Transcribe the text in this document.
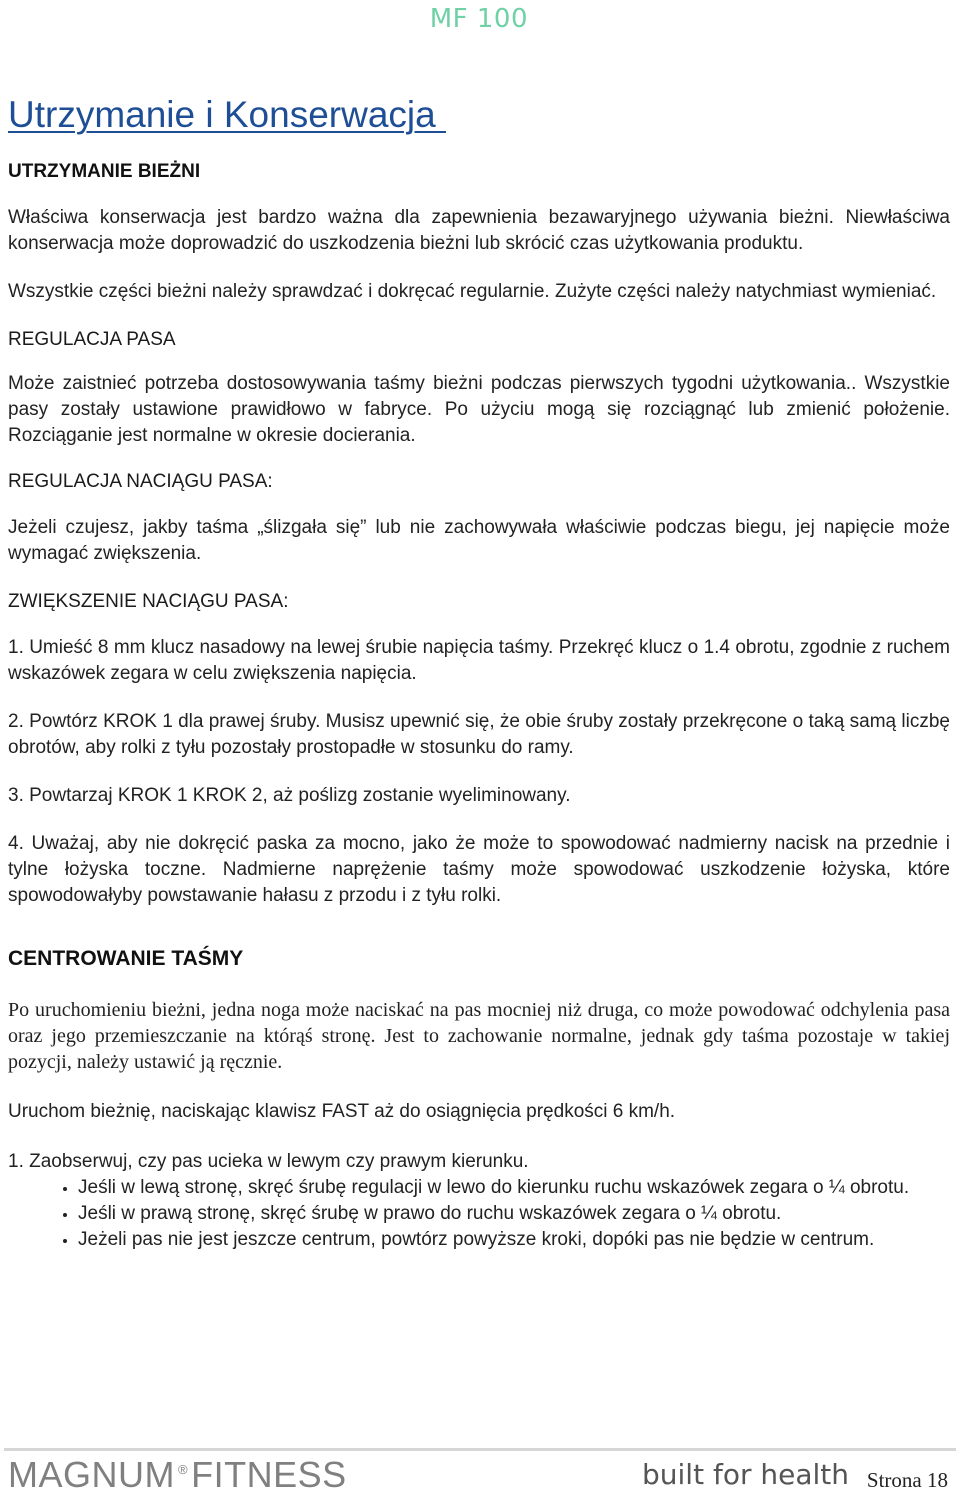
MF 100
Utrzymanie i Konserwacja
UTRZYMANIE BIEŻNI

Właściwa konserwacja jest bardzo ważna dla zapewnienia bezawaryjnego używania bieżni. Niewłaściwa konserwacja może doprowadzić do uszkodzenia bieżni lub skrócić czas użytkowania produktu.

Wszystkie części bieżni należy sprawdzać i dokręcać regularnie. Zużyte części należy natychmiast wymieniać.

REGULACJA PASA

Może zaistnieć potrzeba dostosowywania taśmy bieżni podczas pierwszych tygodni użytkowania.. Wszystkie pasy zostały ustawione prawidłowo w fabryce. Po użyciu mogą się rozciągnąć lub zmienić położenie. Rozciąganie jest normalne w okresie docierania.

REGULACJA NACIĄGU PASA:

Jeżeli czujesz, jakby taśma „ślizgała się” lub nie zachowywała właściwie podczas biegu, jej napięcie może wymagać zwiększenia.

ZWIĘKSZENIE NACIĄGU PASA:

1. Umieść 8 mm klucz nasadowy na lewej śrubie napięcia taśmy. Przekręć klucz o 1.4 obrotu, zgodnie z ruchem wskazówek zegara w celu zwiększenia napięcia.

2. Powtórz KROK 1 dla prawej śruby. Musisz upewnić się, że obie śruby zostały przekręcone o taką samą liczbę obrotów, aby rolki z tyłu pozostały prostopadłe w stosunku do ramy.

3. Powtarzaj KROK 1 KROK 2, aż poślizg zostanie wyeliminowany.

4. Uważaj, aby nie dokręcić paska za mocno, jako że może to spowodować nadmierny nacisk na przednie i tylne łożyska toczne. Nadmierne naprężenie taśmy może spowodować uszkodzenie łożyska, które spowodowałyby powstawanie hałasu z przodu i z tyłu rolki.

CENTROWANIE TAŚMY

Po uruchomieniu bieżni, jedna noga może naciskać na pas mocniej niż druga, co może powodować odchylenia pasa oraz jego przemieszczanie na którąś stronę. Jest to zachowanie normalne, jednak gdy taśma pozostaje w takiej pozycji, należy ustawić ją ręcznie.

Uruchom bieżnię, naciskając klawisz FAST aż do osiągnięcia prędkości 6 km/h.

1. Zaobserwuj, czy pas ucieka w lewym czy prawym kierunku.

• Jeśli w lewą stronę, skręć śrubę regulacji w lewo do kierunku ruchu wskazówek zegara o ¼ obrotu.
• Jeśli w prawą stronę, skręć śrubę w prawo do ruchu wskazówek zegara o ¼ obrotu.
• Jeżeli pas nie jest jeszcze centrum, powtórz powyższe kroki, dopóki pas nie będzie w centrum.
MAGNUM ®FITNESS	built for health Strona 18
